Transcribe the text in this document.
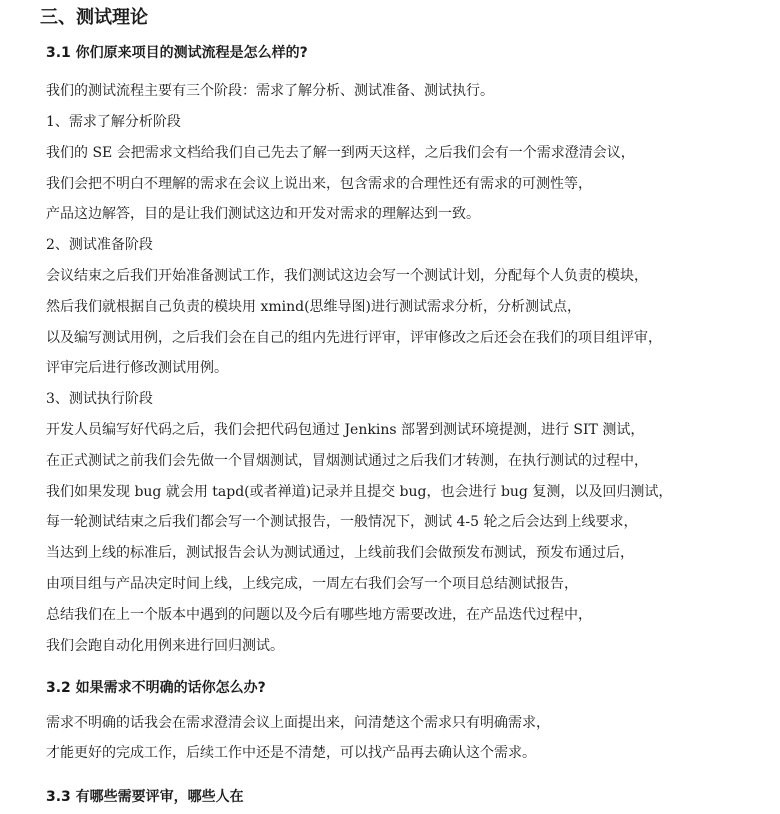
三、测试理论
3.1 你们原来项目的测试流程是怎么样的?
我们的测试流程主要有三个阶段：需求了解分析、测试准备、测试执行。
1、需求了解分析阶段
我们的 SE 会把需求文档给我们自己先去了解一到两天这样，之后我们会有一个需求澄清会议，
我们会把不明白不理解的需求在会议上说出来，包含需求的合理性还有需求的可测性等，
产品这边解答，目的是让我们测试这边和开发对需求的理解达到一致。
2、测试准备阶段
会议结束之后我们开始准备测试工作，我们测试这边会写一个测试计划，分配每个人负责的模块，
然后我们就根据自己负责的模块用 xmind(思维导图)进行测试需求分析，分析测试点，
以及编写测试用例，之后我们会在自己的组内先进行评审，评审修改之后还会在我们的项目组评审，
评审完后进行修改测试用例。
3、测试执行阶段
开发人员编写好代码之后，我们会把代码包通过 Jenkins 部署到测试环境提测，进行 SIT 测试，
在正式测试之前我们会先做一个冒烟测试，冒烟测试通过之后我们才转测，在执行测试的过程中，
我们如果发现 bug 就会用 tapd(或者禅道)记录并且提交 bug，也会进行 bug 复测，以及回归测试，
每一轮测试结束之后我们都会写一个测试报告，一般情况下，测试 4-5 轮之后会达到上线要求，
当达到上线的标准后，测试报告会认为测试通过，上线前我们会做预发布测试，预发布通过后，
由项目组与产品决定时间上线，上线完成，一周左右我们会写一个项目总结测试报告，
总结我们在上一个版本中遇到的问题以及今后有哪些地方需要改进，在产品迭代过程中，
我们会跑自动化用例来进行回归测试。
3.2 如果需求不明确的话你怎么办?
需求不明确的话我会在需求澄清会议上面提出来，问清楚这个需求只有明确需求，
才能更好的完成工作，后续工作中还是不清楚，可以找产品再去确认这个需求。
3.3 有哪些需要评审，哪些人在
